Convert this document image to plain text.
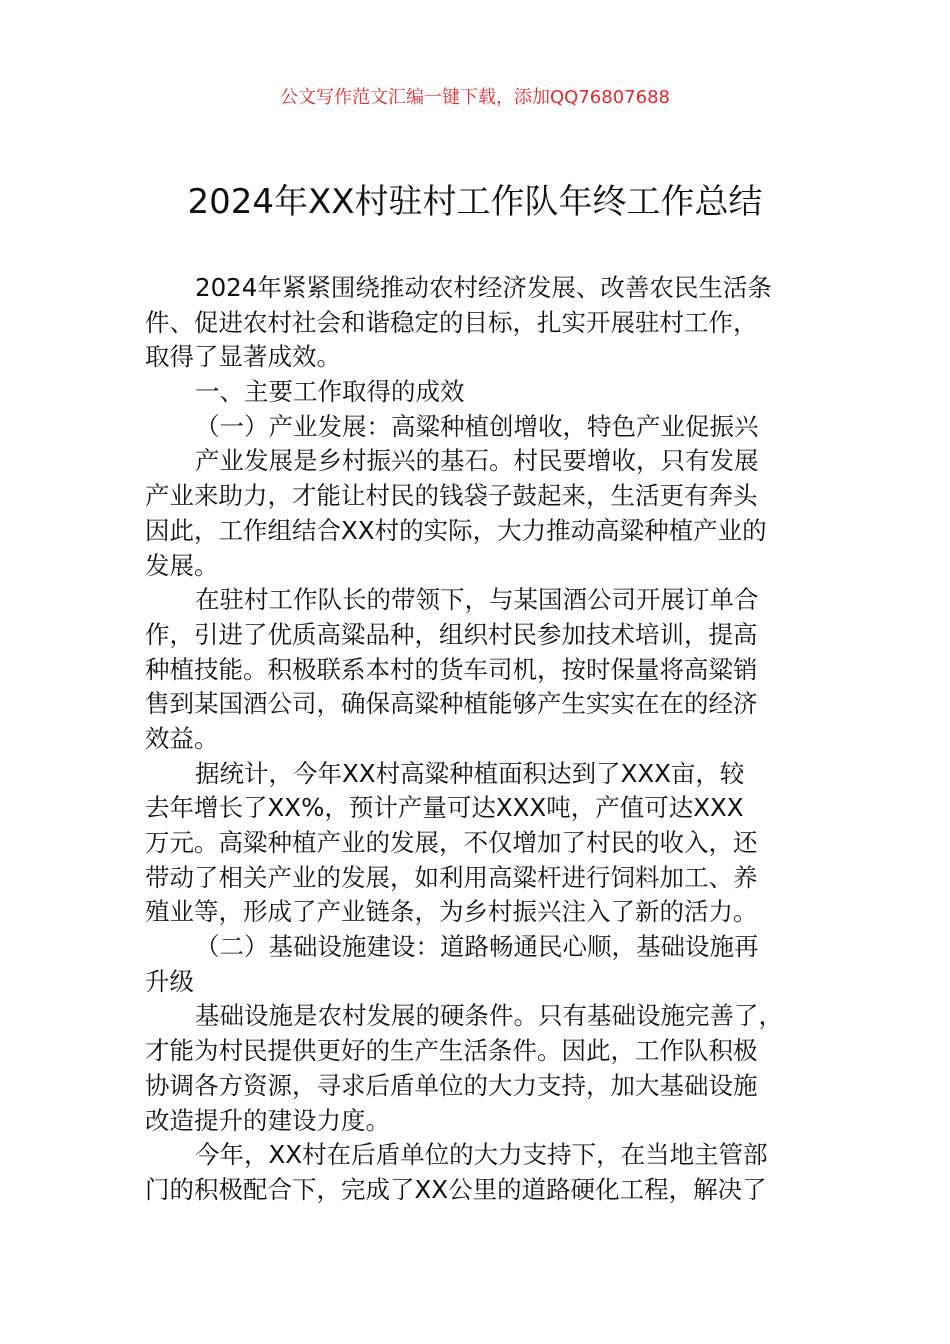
公文写作范文汇编一键下载，添加QQ76807688
2024年XX村驻村工作队年终工作总结
2024年紧紧围绕推动农村经济发展、改善农民生活条
件、促进农村社会和谐稳定的目标，扎实开展驻村工作，
取得了显著成效。
一、主要工作取得的成效
（一）产业发展：高粱种植创增收，特色产业促振兴
产业发展是乡村振兴的基石。村民要增收，只有发展
产业来助力，才能让村民的钱袋子鼓起来，生活更有奔头
因此，工作组结合XX村的实际，大力推动高粱种植产业的
发展。
在驻村工作队长的带领下，与某国酒公司开展订单合
作，引进了优质高粱品种，组织村民参加技术培训，提高
种植技能。积极联系本村的货车司机，按时保量将高粱销
售到某国酒公司，确保高粱种植能够产生实实在在的经济
效益。
据统计，今年XX村高粱种植面积达到了XXX亩，较
去年增长了XX%，预计产量可达XXX吨，产值可达XXX
万元。高粱种植产业的发展，不仅增加了村民的收入，还
带动了相关产业的发展，如利用高粱杆进行饲料加工、养
殖业等，形成了产业链条，为乡村振兴注入了新的活力。
（二）基础设施建设：道路畅通民心顺，基础设施再
升级
基础设施是农村发展的硬条件。只有基础设施完善了，
才能为村民提供更好的生产生活条件。因此，工作队积极
协调各方资源，寻求后盾单位的大力支持，加大基础设施
改造提升的建设力度。
今年，XX村在后盾单位的大力支持下，在当地主管部
门的积极配合下，完成了XX公里的道路硬化工程，解决了
